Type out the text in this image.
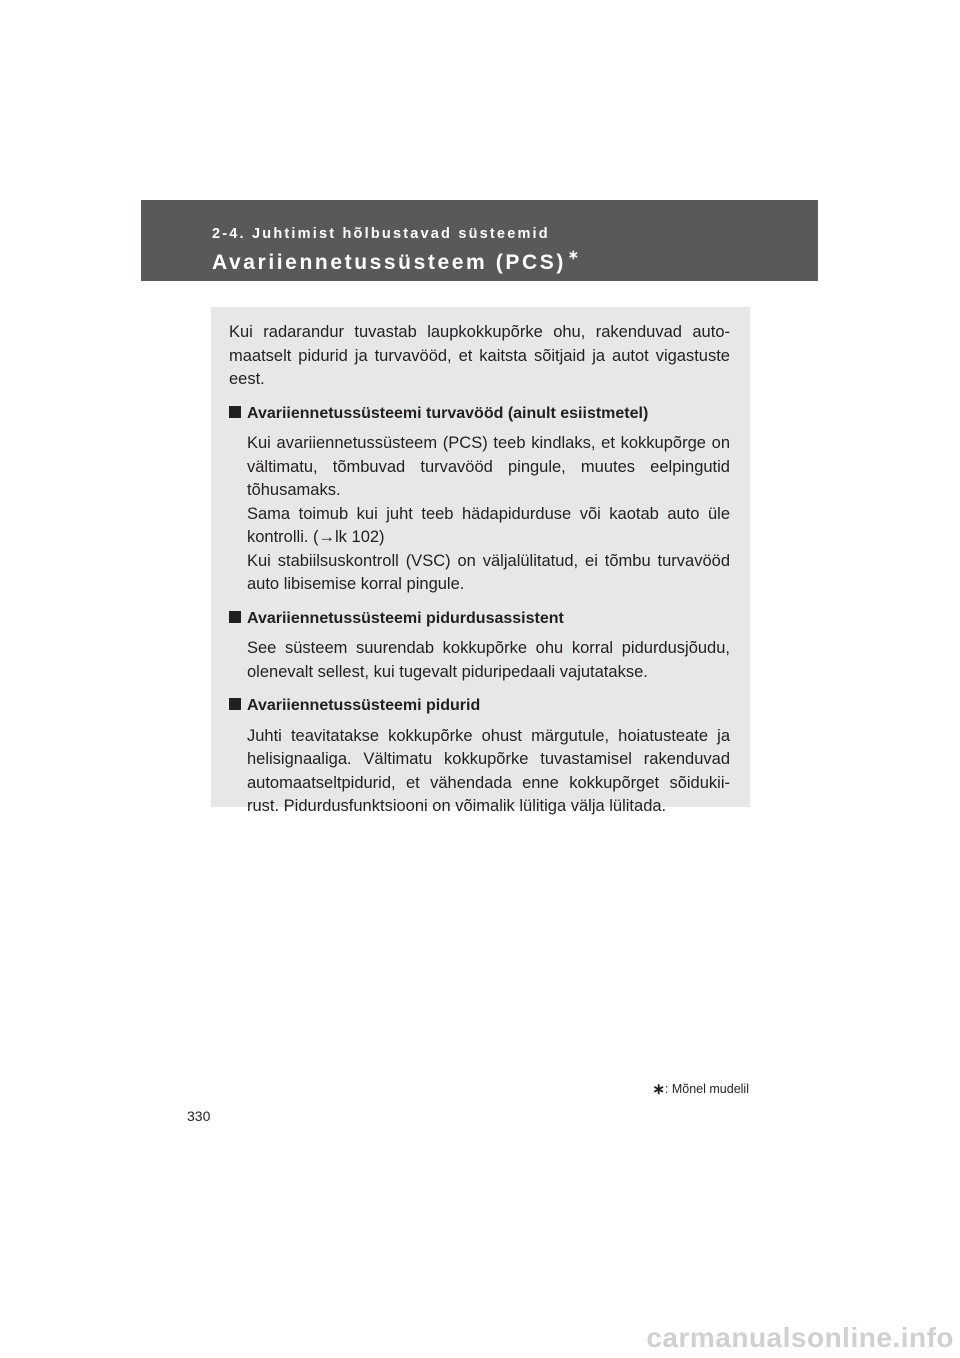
2-4. Juhtimist hõlbustavad süsteemid
Avariiennetussüsteem (PCS) ∗

Kui radarandur tuvastab laupkokkupõrke ohu, rakenduvad auto-maatselt pidurid ja turvavööd, et kaitsta sõitjaid ja autot vigastuste eest.

Avariiennetussüsteemi turvavööd (ainult esiistmetel)

Kui avariiennetussüsteem (PCS) teeb kindlaks, et kokkupõrge on vältimatu, tõmbuvad turvavööd pingule, muutes eelpingutid tõhusamaks.

Sama toimub kui juht teeb hädapidurduse või kaotab auto üle kontrolli. (→lk 102)

Kui stabiilsuskontroll (VSC) on väljalülitatud, ei tõmbu turvavööd auto libisemise korral pingule.

Avariiennetussüsteemi pidurdusassistent

See süsteem suurendab kokkupõrke ohu korral pidurdusjõudu, olenevalt sellest, kui tugevalt piduripedaali vajutatakse.

Avariiennetussüsteemi pidurid

Juhti teavitatakse kokkupõrke ohust märgutule, hoiatusteate ja helisignaaliga. Vältimatu kokkupõrke tuvastamisel rakenduvad automaatseltpidurid, et vähendada enne kokkupõrget sõidukii-rust. Pidurdusfunktsiooni on võimalik lülitiga välja lülitada.

∗: Mõnel mudelil
330
carmanualsonline.info
